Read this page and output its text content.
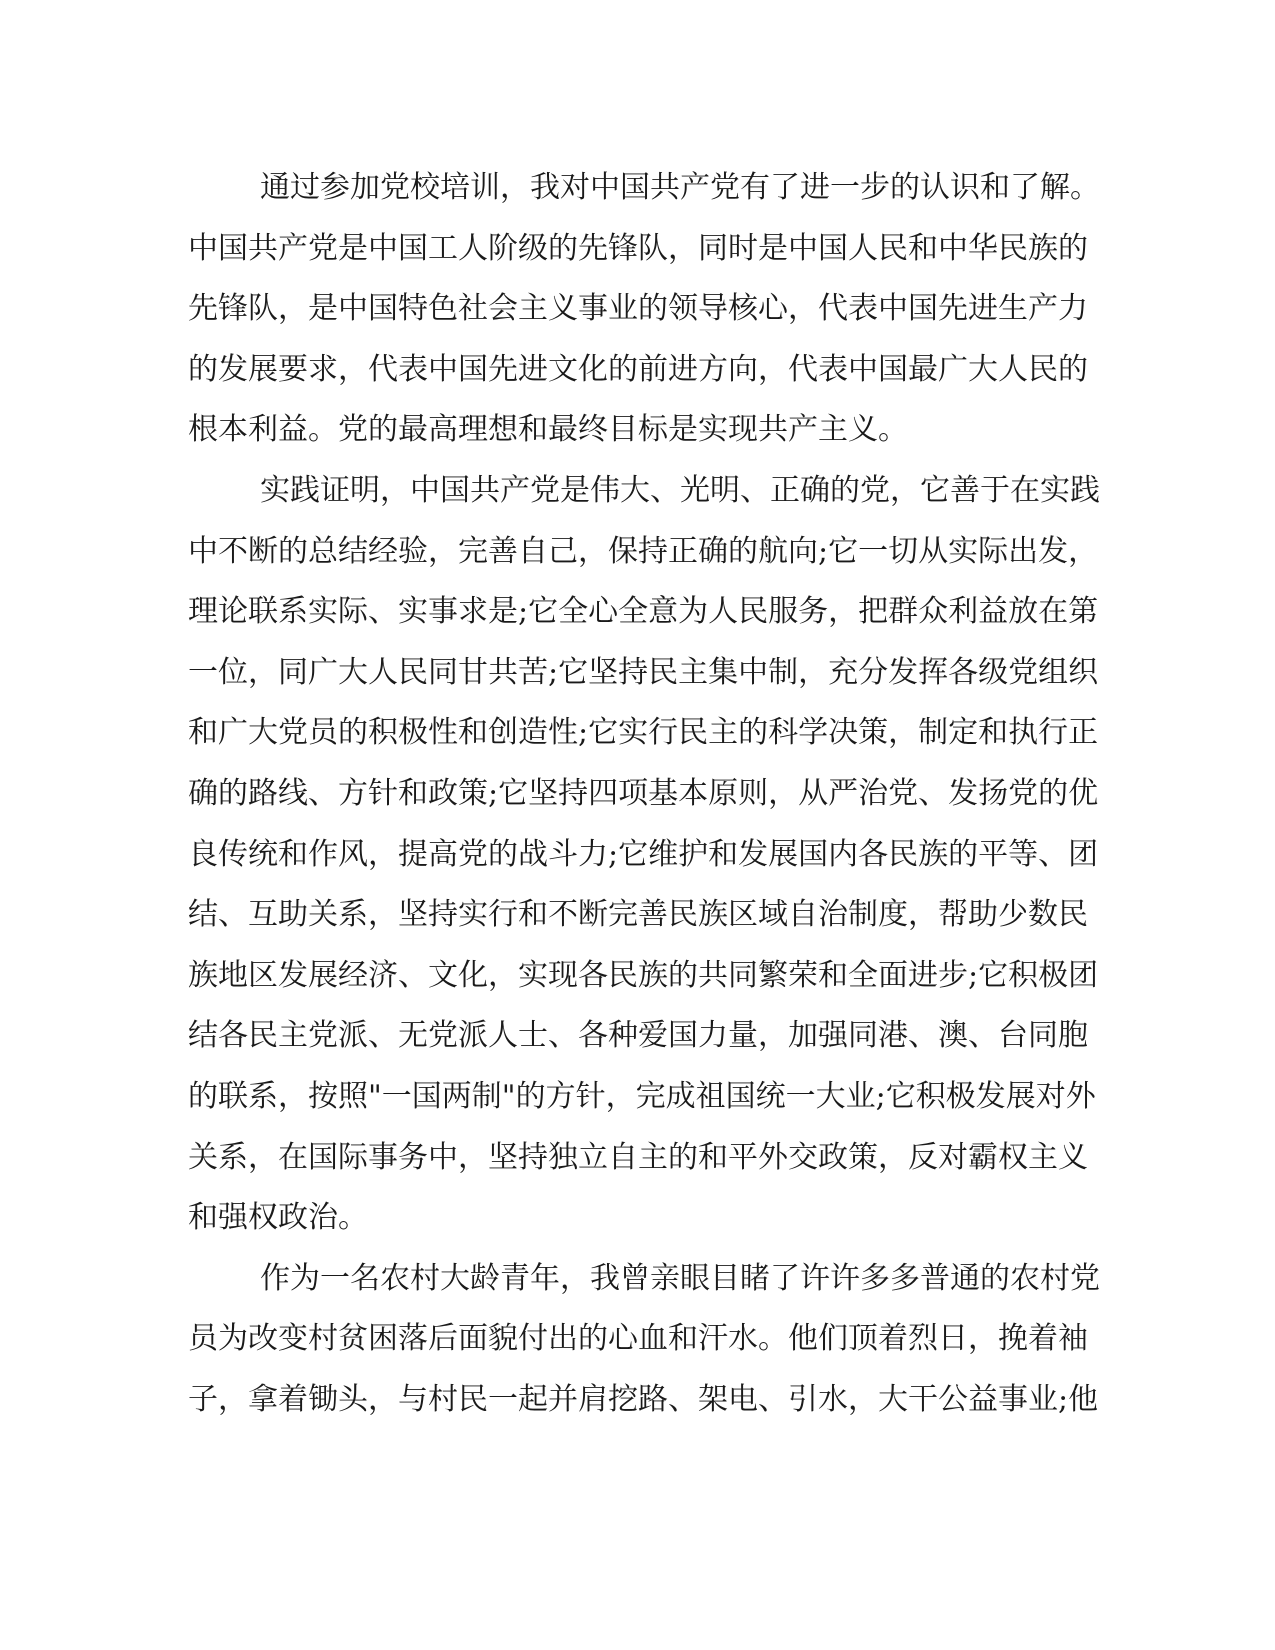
通过参加党校培训，我对中国共产党有了进一步的认识和了解。
中国共产党是中国工人阶级的先锋队，同时是中国人民和中华民族的
先锋队，是中国特色社会主义事业的领导核心，代表中国先进生产力
的发展要求，代表中国先进文化的前进方向，代表中国最广大人民的
根本利益。党的最高理想和最终目标是实现共产主义。
实践证明，中国共产党是伟大、光明、正确的党，它善于在实践
中不断的总结经验，完善自己，保持正确的航向;它一切从实际出发，
理论联系实际、实事求是;它全心全意为人民服务，把群众利益放在第
一位，同广大人民同甘共苦;它坚持民主集中制，充分发挥各级党组织
和广大党员的积极性和创造性;它实行民主的科学决策，制定和执行正
确的路线、方针和政策;它坚持四项基本原则，从严治党、发扬党的优
良传统和作风，提高党的战斗力;它维护和发展国内各民族的平等、团
结、互助关系，坚持实行和不断完善民族区域自治制度，帮助少数民
族地区发展经济、文化，实现各民族的共同繁荣和全面进步;它积极团
结各民主党派、无党派人士、各种爱国力量，加强同港、澳、台同胞
的联系，按照"一国两制"的方针，完成祖国统一大业;它积极发展对外
关系，在国际事务中，坚持独立自主的和平外交政策，反对霸权主义
和强权政治。
作为一名农村大龄青年，我曾亲眼目睹了许许多多普通的农村党
员为改变村贫困落后面貌付出的心血和汗水。他们顶着烈日，挽着袖
子，拿着锄头，与村民一起并肩挖路、架电、引水，大干公益事业;他
